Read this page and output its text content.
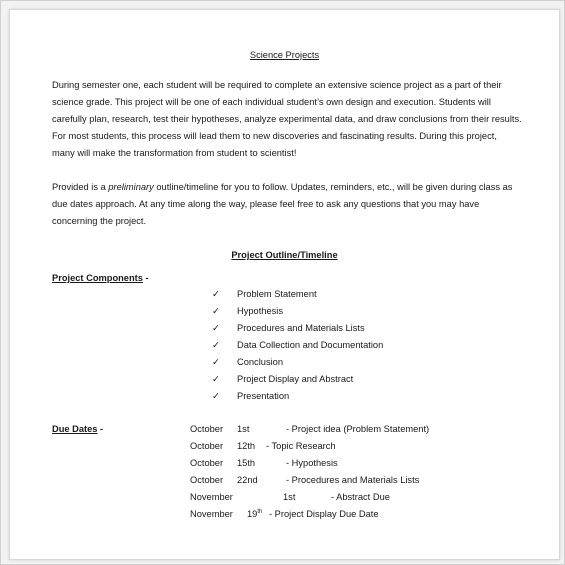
Science Projects
During semester one, each student will be required to complete an extensive science project as a part of their science grade. This project will be one of each individual student’s own design and execution. Students will carefully plan, research, test their hypotheses, analyze experimental data, and draw conclusions from their results. For most students, this process will lead them to new discoveries and fascinating results. During this project, many will make the transformation from student to scientist!
Provided is a preliminary outline/timeline for you to follow. Updates, reminders, etc., will be given during class as due dates approach. At any time along the way, please feel free to ask any questions that you may have concerning the project.
Project Outline/Timeline
Project Components -
✓ Problem Statement
✓ Hypothesis
✓ Procedures and Materials Lists
✓ Data Collection and Documentation
✓ Conclusion
✓ Project Display and Abstract
✓ Presentation
Due Dates -	October 1st	- Project idea (Problem Statement)
October 12th - Topic Research
October 15th	- Hypothesis
October 22nd	- Procedures and Materials Lists
November	1st	- Abstract Due
November 19th - Project Display Due Date
